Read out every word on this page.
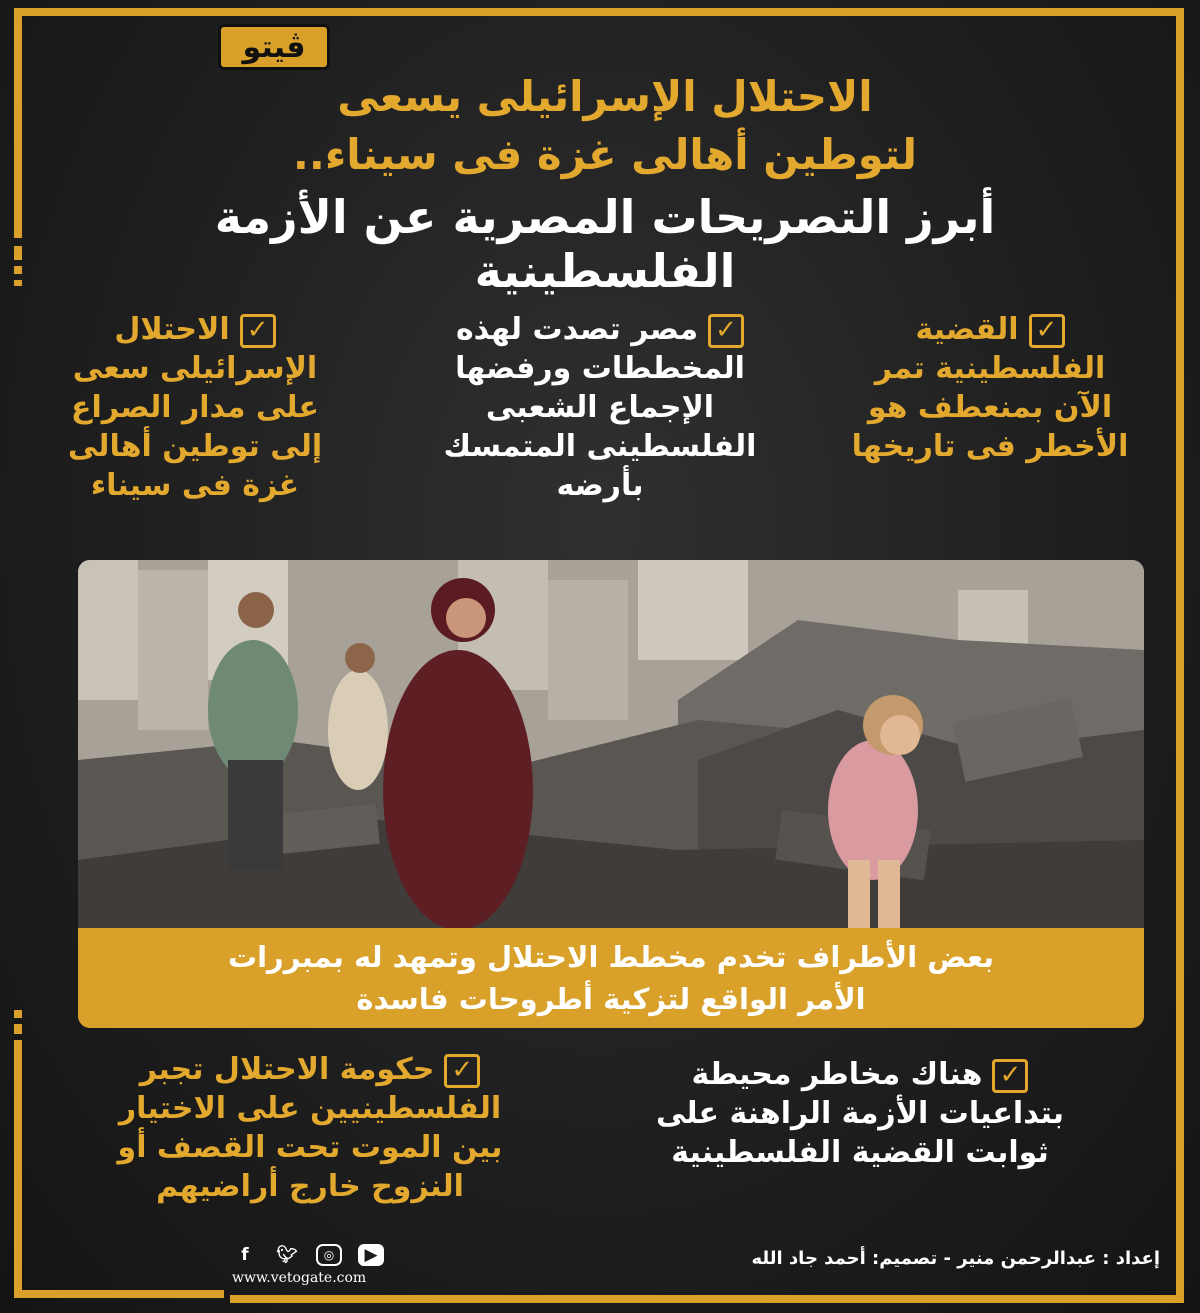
ڤيتو
الاحتلال الإسرائيلى يسعى
لتوطين أهالى غزة فى سيناء..
أبرز التصريحات المصرية عن الأزمة الفلسطينية
✓القضية
الفلسطينية تمر
الآن بمنعطف هو
الأخطر فى تاريخها
✓مصر تصدت لهذه
المخططات ورفضها
الإجماع الشعبى
الفلسطينى المتمسك
بأرضه
✓الاحتلال
الإسرائيلى سعى
على مدار الصراع
إلى توطين أهالى
غزة فى سيناء
بعض الأطراف تخدم مخطط الاحتلال وتمهد له بمبررات
الأمر الواقع لتزكية أطروحات فاسدة
✓هناك مخاطر محيطة
بتداعيات الأزمة الراهنة على
ثوابت القضية الفلسطينية
✓حكومة الاحتلال تجبر
الفلسطينيين على الاختيار
بين الموت تحت القصف أو
النزوح خارج أراضيهم
f	🐦︎	◎	▶
www.vetogate.com
إعداد : عبدالرحمن منير - تصميم: أحمد جاد الله
